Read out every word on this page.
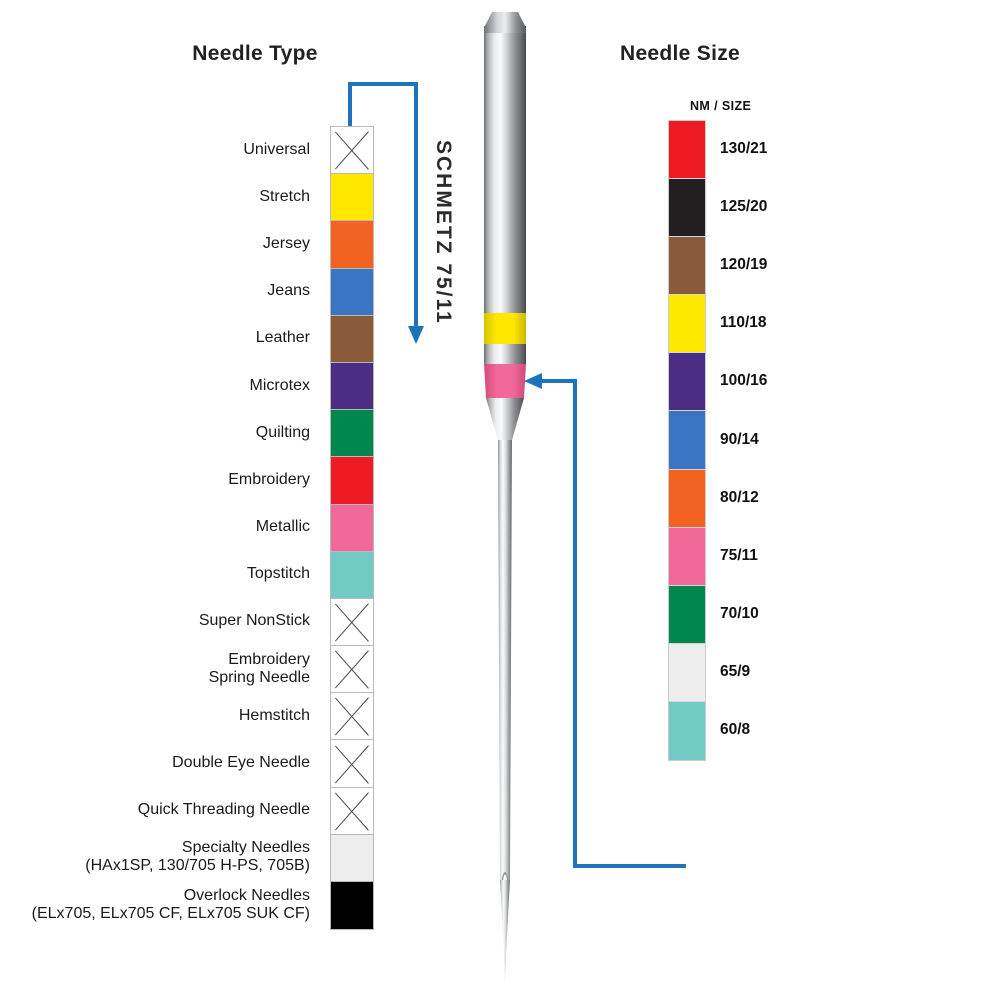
Needle Type	Needle Size
NM / SIZE
Universal
Stretch
Jersey
Jeans
Leather
Microtex
Quilting
Embroidery
Metallic
Topstitch
Super NonStick
Embroidery
Spring Needle
Hemstitch
Double Eye Needle
Quick Threading Needle
Specialty Needles
(HAx1SP, 130/705 H-PS, 705B)
Overlock Needles
(ELx705, ELx705 CF, ELx705 SUK CF)
130/21
125/20
120/19
110/18
100/16
90/14
80/12
75/11
70/10
65/9
60/8
SCHMETZ 75/11
